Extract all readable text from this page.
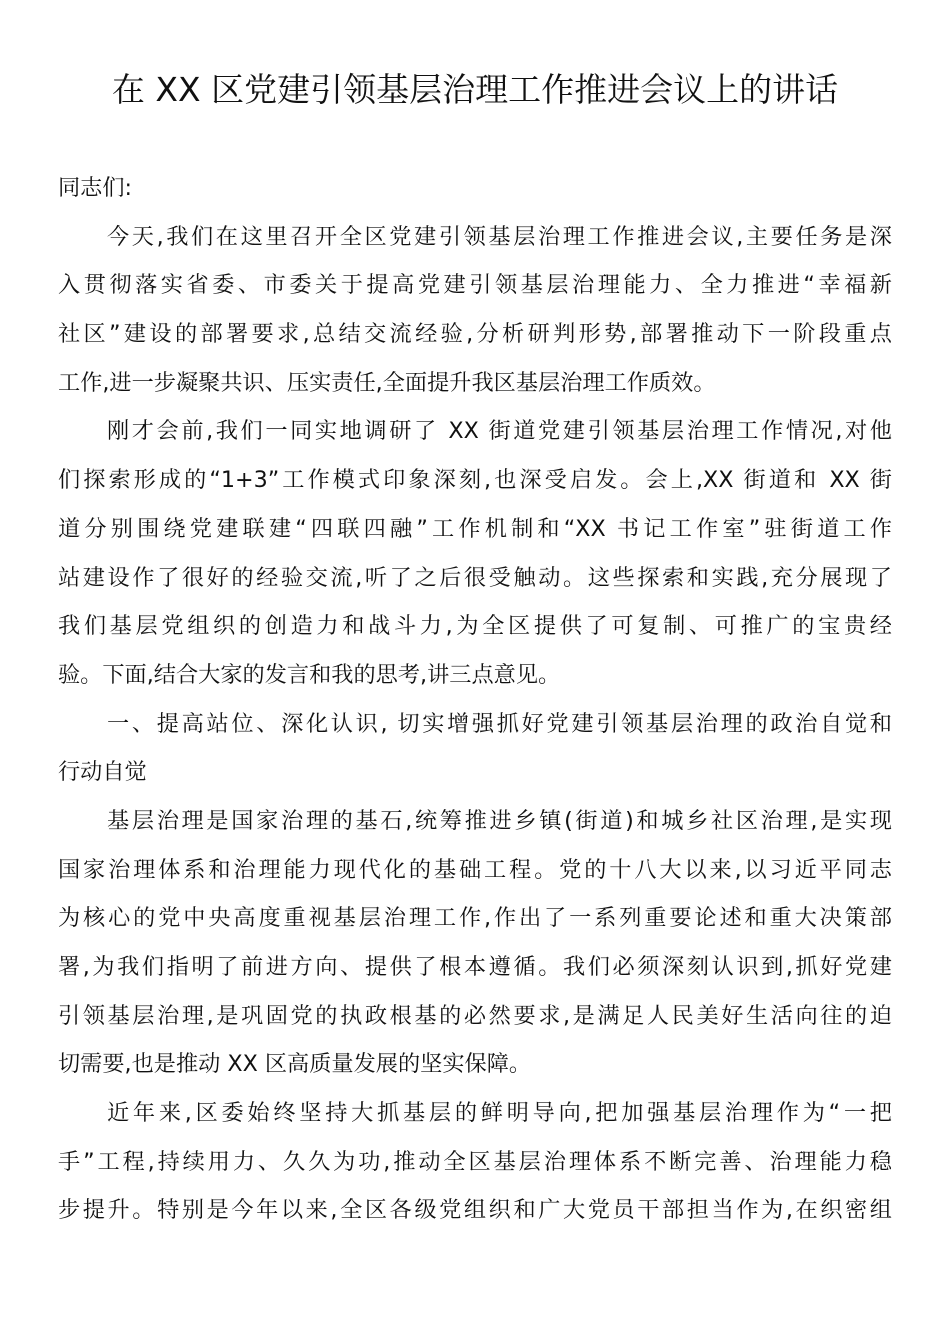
在 XX 区党建引领基层治理工作推进会议上的讲话
同志们:
今天,我们在这里召开全区党建引领基层治理工作推进会议,主要任务是深
入贯彻落实省委、市委关于提高党建引领基层治理能力、全力推进“幸福新
社区”建设的部署要求,总结交流经验,分析研判形势,部署推动下一阶段重点
工作,进一步凝聚共识、压实责任,全面提升我区基层治理工作质效。
刚才会前,我们一同实地调研了 XX 街道党建引领基层治理工作情况,对他
们探索形成的“1+3”工作模式印象深刻,也深受启发。会上,XX 街道和 XX 街
道分别围绕党建联建“四联四融”工作机制和“XX 书记工作室”驻街道工作
站建设作了很好的经验交流,听了之后很受触动。这些探索和实践,充分展现了
我们基层党组织的创造力和战斗力,为全区提供了可复制、可推广的宝贵经
验。下面,结合大家的发言和我的思考,讲三点意见。
一、提高站位、深化认识, 切实增强抓好党建引领基层治理的政治自觉和
行动自觉
基层治理是国家治理的基石,统筹推进乡镇(街道)和城乡社区治理,是实现
国家治理体系和治理能力现代化的基础工程。党的十八大以来,以习近平同志
为核心的党中央高度重视基层治理工作,作出了一系列重要论述和重大决策部
署,为我们指明了前进方向、提供了根本遵循。我们必须深刻认识到,抓好党建
引领基层治理,是巩固党的执政根基的必然要求,是满足人民美好生活向往的迫
切需要,也是推动 XX 区高质量发展的坚实保障。
近年来,区委始终坚持大抓基层的鲜明导向,把加强基层治理作为“一把
手”工程,持续用力、久久为功,推动全区基层治理体系不断完善、治理能力稳
步提升。特别是今年以来,全区各级党组织和广大党员干部担当作为,在织密组
